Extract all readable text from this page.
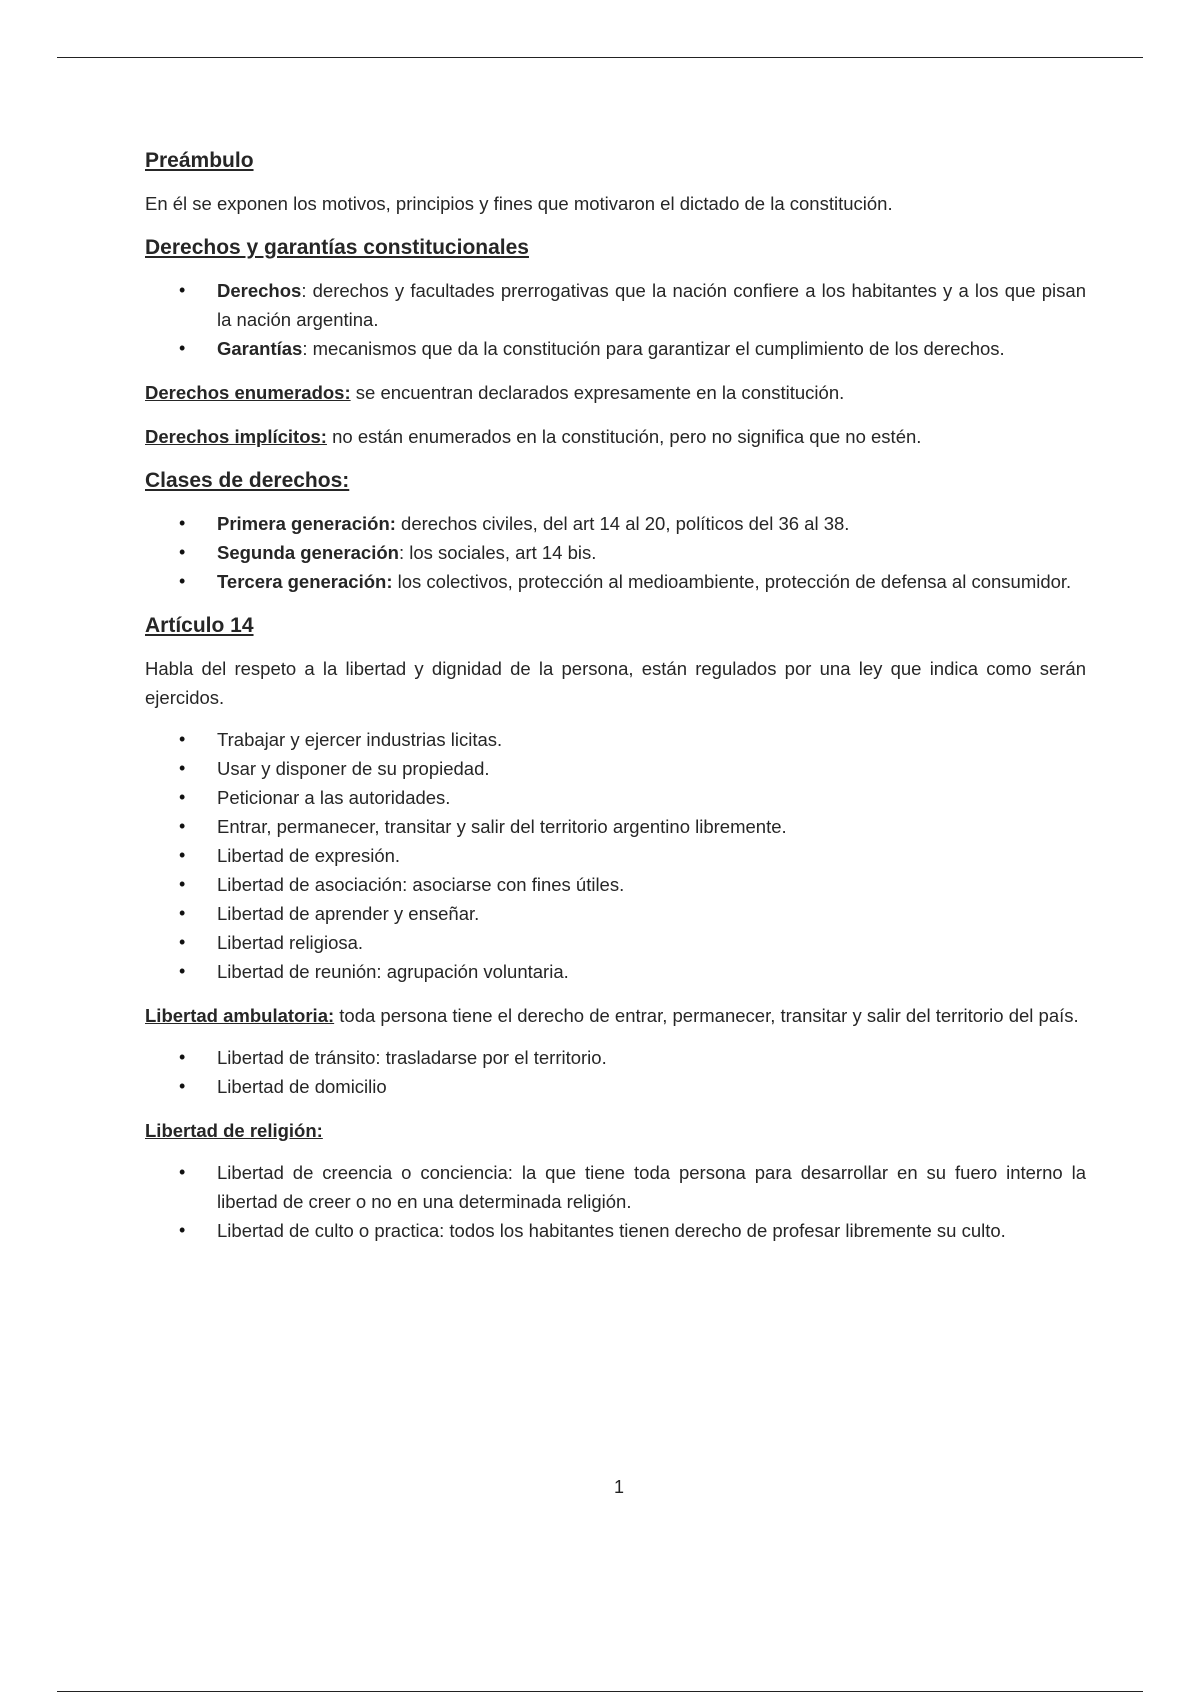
Preámbulo

En él se exponen los motivos, principios y fines que motivaron el dictado de la constitución.

Derechos y garantías constitucionales
• Derechos: derechos y facultades prerrogativas que la nación confiere a los habitantes y a los que pisan la nación argentina.
• Garantías: mecanismos que da la constitución para garantizar el cumplimiento de los derechos.

Derechos enumerados: se encuentran declarados expresamente en la constitución.

Derechos implícitos: no están enumerados en la constitución, pero no significa que no estén.

Clases de derechos:
• Primera generación: derechos civiles, del art 14 al 20, políticos del 36 al 38.
• Segunda generación: los sociales, art 14 bis.
• Tercera generación: los colectivos, protección al medioambiente, protección de defensa al consumidor.
Artículo 14

Habla del respeto a la libertad y dignidad de la persona, están regulados por una ley que indica como serán ejercidos.

• Trabajar y ejercer industrias licitas.
• Usar y disponer de su propiedad.
• Peticionar a las autoridades.
• Entrar, permanecer, transitar y salir del territorio argentino libremente.
• Libertad de expresión.
• Libertad de asociación: asociarse con fines útiles.
• Libertad de aprender y enseñar.
• Libertad religiosa.
• Libertad de reunión: agrupación voluntaria.

Libertad ambulatoria: toda persona tiene el derecho de entrar, permanecer, transitar y salir del territorio del país.

• Libertad de tránsito: trasladarse por el territorio.
• Libertad de domicilio

Libertad de religión:

• Libertad de creencia o conciencia: la que tiene toda persona para desarrollar en su fuero interno la libertad de creer o no en una determinada religión.
• Libertad de culto o practica: todos los habitantes tienen derecho de profesar libremente su culto.
1
